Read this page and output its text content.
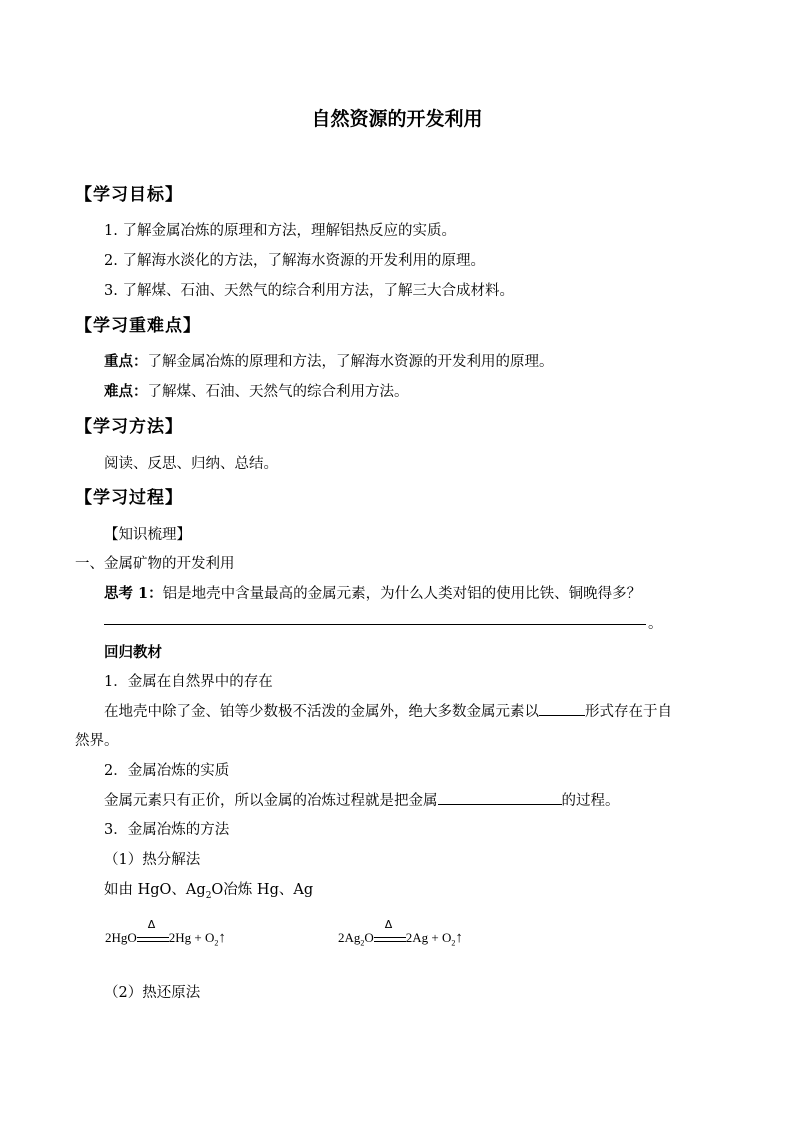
自然资源的开发利用
【学习目标】
1. 了解金属冶炼的原理和方法，理解铝热反应的实质。
2. 了解海水淡化的方法，了解海水资源的开发利用的原理。
3. 了解煤、石油、天然气的综合利用方法，了解三大合成材料。
【学习重难点】
重点：了解金属冶炼的原理和方法，了解海水资源的开发利用的原理。
难点：了解煤、石油、天然气的综合利用方法。
【学习方法】
阅读、反思、归纳、总结。
【学习过程】
【知识梳理】
一、金属矿物的开发利用
思考 1：铝是地壳中含量最高的金属元素，为什么人类对铝的使用比铁、铜晚得多？
。
回归教材
1．金属在自然界中的存在
在地壳中除了金、铂等少数极不活泼的金属外，绝大多数金属元素以	形式存在于自
然界。
2．金属冶炼的实质
金属元素只有正价，所以金属的冶炼过程就是把金属	的过程。
3．金属冶炼的方法
（1）热分解法
如由 HgO、$Ag_2O$冶炼 Hg、Ag
2HgO
Δ
$2Hg + O_2↑$	$2Ag_2O$
Δ
$2Ag + O_2↑$
（2）热还原法
